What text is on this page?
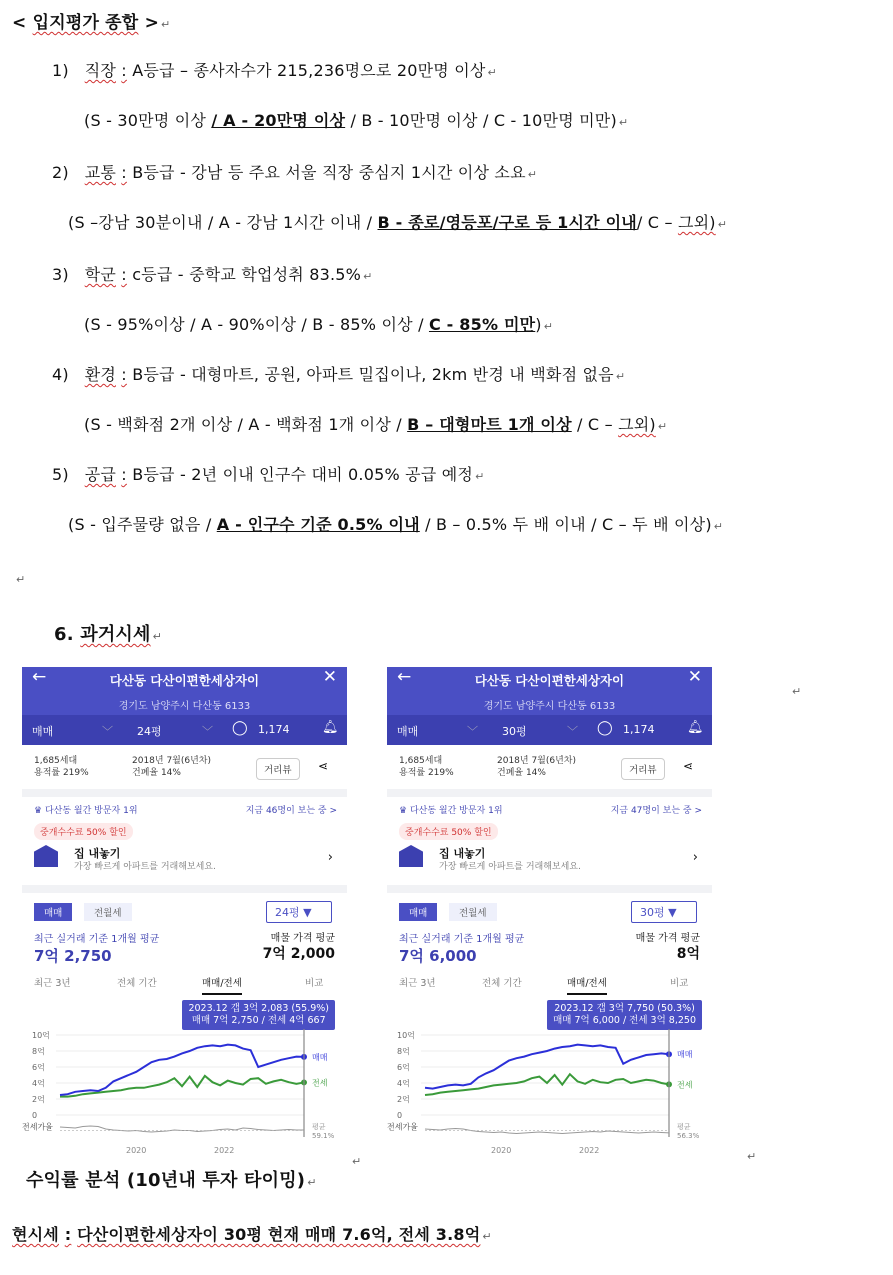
< 입지평가 종합 > ↵
1) 직장 : A등급 – 종사자수가 215,236명으로 20만명 이상 ↵
(S - 30만명 이상 / A - 20만명 이상 / B - 10만명 이상 / C - 10만명 미만) ↵
2) 교통 : B등급 - 강남 등 주요 서울 직장 중심지 1시간 이상 소요 ↵
(S –강남 30분이내 / A - 강남 1시간 이내 / B - 종로/영등포/구로 등 1시간 이내/ C – 그외) ↵
3) 학군 : c등급 - 중학교 학업성취 83.5% ↵
(S - 95%이상 / A - 90%이상 / B - 85% 이상 / C - 85% 미만) ↵
4) 환경 : B등급 - 대형마트, 공원, 아파트 밀집이나, 2km 반경 내 백화점 없음 ↵
(S - 백화점 2개 이상 / A - 백화점 1개 이상 / B – 대형마트 1개 이상 / C – 그외) ↵
5) 공급 : B등급 - 2년 이내 인구수 대비 0.05% 공급 예정 ↵
(S - 입주물량 없음 / A - 인구수 기준 0.5% 이내 / B – 0.5% 두 배 이내 / C – 두 배 이상) ↵
6. 과거시세 ↵
↵
↵
←	다산동 다산이편한세상자이	✕
경기도 남양주시 다산동 6133
매매	﹀ 24평	﹀ ◯ 1,174	🔔︎
1,685세대
용적률 219%
2018년 7월(6년차)
건폐율 14%	거리뷰	⋖
♛ 다산동 월간 방문자 1위	지금 46명이 보는 중 >
중개수수료 50% 할인
집 내놓기
가장 빠르게 아파트를 거래해보세요.
›
매매	전월세	24평 ▼
최근 실거래 기준 1개월 평균
7억 2,750
매물 가격 평균
7억 2,000
최근 3년	전체 기간	매매/전세	비교
2023.12 갭 3억 2,083 (55.9%)
매매 7억 2,750 / 전세 4억 667
10억
8억
6억
4억
2억
0
매매
전세
전세가율	평균
59.1%
2020	2022
←	다산동 다산이편한세상자이	✕
경기도 남양주시 다산동 6133
매매	﹀ 30평	﹀ ◯ 1,174	🔔︎
1,685세대
용적률 219%
2018년 7월(6년차)
건폐율 14%	거리뷰	⋖
♛ 다산동 월간 방문자 1위	지금 47명이 보는 중 >
중개수수료 50% 할인
집 내놓기
가장 빠르게 아파트를 거래해보세요.
›
매매	전월세	30평 ▼
최근 실거래 기준 1개월 평균
7억 6,000
매물 가격 평균
8억
최근 3년	전체 기간	매매/전세	비교
2023.12 갭 3억 7,750 (50.3%)
매매 7억 6,000 / 전세 3억 8,250
10억
8억
6억
4억
2억
0
매매
전세
전세가율	평균
56.3%
2020	2022
↵	↵
수익률 분석 (10년내 투자 타이밍) ↵
현시세 : 다산이편한세상자이 30평 현재 매매 7.6억, 전세 3.8억 ↵
